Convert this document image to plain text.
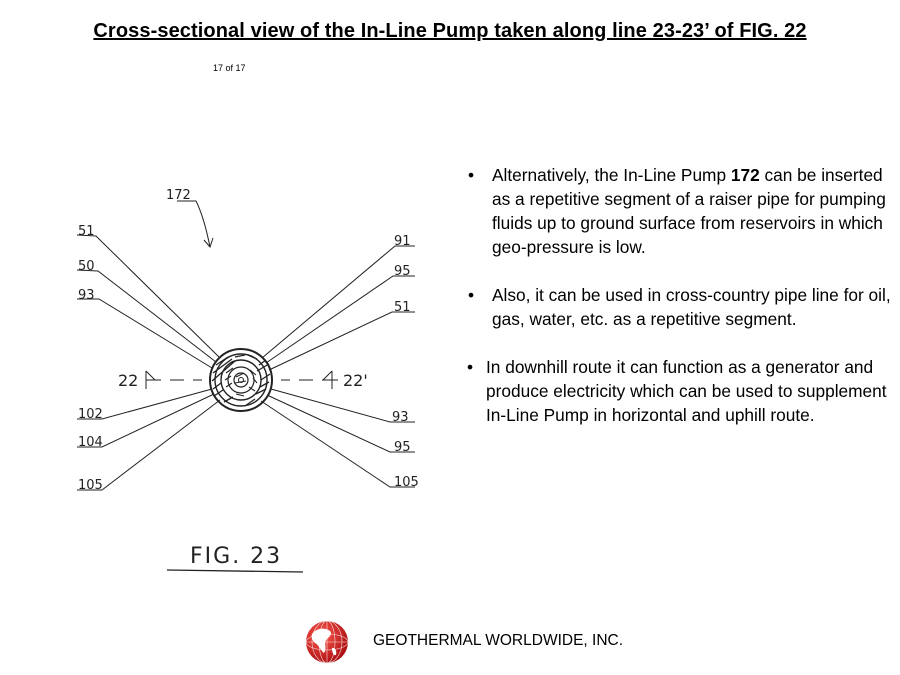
Cross-sectional view of the In-Line Pump taken along line 23-23’ of FIG. 22
17 of 17
51
50
93
102
104
105
91
95
51
93
95
105
172
22	22'
FIG. 23

• Alternatively, the In-Line Pump 172 can be inserted as a repetitive segment of a raiser pipe for pumping fluids up to ground surface from reservoirs in which geo-pressure is low.

• Also, it can be used in cross-country pipe line for oil, gas, water, etc. as a repetitive segment.

• In downhill route it can function as a generator and produce electricity which can be used to supplement In-Line Pump in horizontal and uphill route.

GEOTHERMAL WORLDWIDE, INC.
